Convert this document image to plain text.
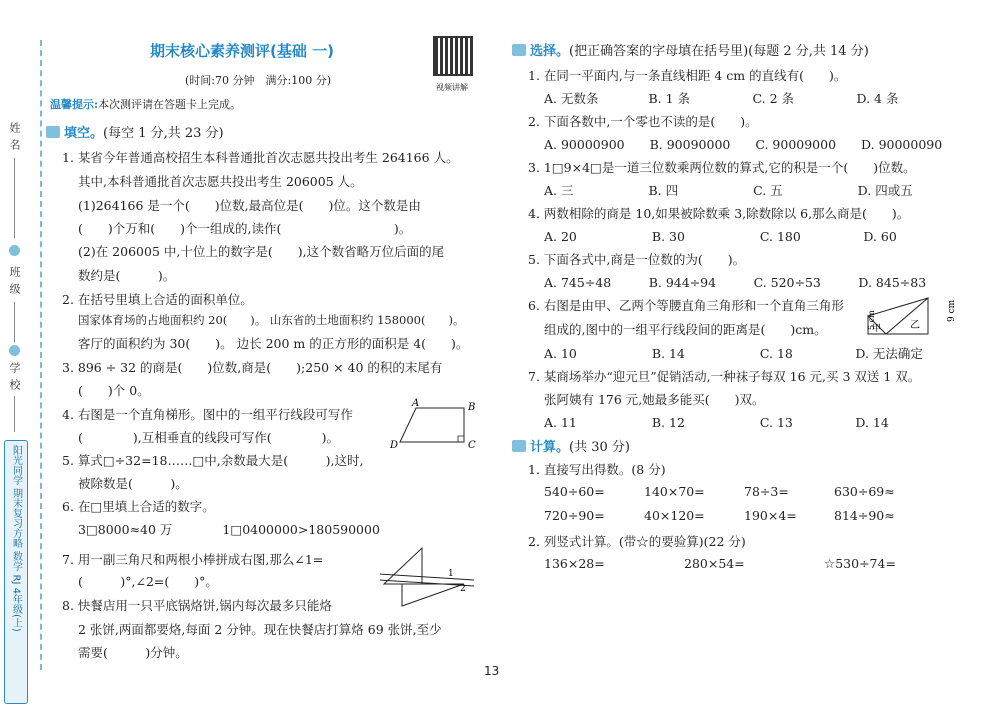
姓名
班级
学校
阳光同学 期末复习方略 数学 RJ 4年级(上)
期末核心素养测评(基础 一)
(时间:70 分钟　满分:100 分)
视频讲解
温馨提示:本次测评请在答题卡上完成。
填空。(每空 1 分,共 23 分)
1. 某省今年普通高校招生本科普通批首次志愿共投出考生 264166 人。
其中,本科普通批首次志愿共投出考生 206005 人。
(1)264166 是一个(　　)位数,最高位是(　　)位。这个数是由
(　　)个万和(　　)个一组成的,读作(　　　　　　　　　)。
(2)在 206005 中,十位上的数字是(　　),这个数省略万位后面的尾
数约是(　　　)。
2. 在括号里填上合适的面积单位。
国家体育场的占地面积约 20(　　)。 山东省的土地面积约 158000(　　)。
客厅的面积约为 30(　　)。 边长 200 m 的正方形的面积是 4(　　)。
3. 896 ÷ 32 的商是(　　)位数,商是(　　);250 × 40 的积的末尾有
(　　)个 0。
4. 右图是一个直角梯形。图中的一组平行线段可写作
(　　　　),互相垂直的线段可写作(　　　　)。
5. 算式□÷32=18……□中,余数最大是(　　　),这时,
被除数是(　　　)。
6. 在□里填上合适的数字。
3□8000≈40 万　　　　1□0400000>180590000
7. 用一副三角尺和两根小棒拼成右图,那么∠1=
(　　　)°,∠2=(　　)°。
8. 快餐店用一只平底锅烙饼,锅内每次最多只能烙
2 张饼,两面都要烙,每面 2 分钟。现在快餐店打算烙 69 张饼,至少
需要(　　　)分钟。
A	B
C
D
1
2
选择。(把正确答案的字母填在括号里)(每题 2 分,共 14 分)
1. 在同一平面内,与一条直线相距 4 cm 的直线有(　　)。
A. 无数条　　　　B. 1 条　　　　　C. 2 条　　　　　D. 4 条
2. 下面各数中,一个零也不读的是(　　)。
A. 90000900　　B. 90090000　　C. 90009000　　D. 90000090
3. 1□9×4□是一道三位数乘两位数的算式,它的积是一个(　　)位数。
A. 三　　　　　　B. 四　　　　　　C. 五　　　　　　D. 四或五
4. 两数相除的商是 10,如果被除数乘 3,除数除以 6,那么商是(　　)。
A. 20　　　　　　B. 30　　　　　　C. 180　　　　　D. 60
5. 下面各式中,商是一位数的为(　　)。
A. 745÷48　　　B. 944÷94　　　C. 520÷53　　　D. 845÷83
6. 右图是由甲、乙两个等腰直角三角形和一个直角三角形
组成的,图中的一组平行线段间的距离是(　　)cm。
A. 10　　　　　　B. 14　　　　　　C. 18　　　　　D. 无法确定
7. 某商场举办“迎元旦”促销活动,一种袜子每双 16 元,买 3 双送 1 双。
张阿姨有 176 元,她最多能买(　　)双。
A. 11　　　　　　B. 12　　　　　　C. 13　　　　　D. 14
5 cm
甲	乙
9 cm
计算。(共 30 分)
1. 直接写出得数。(8 分)
540÷60=	140×70=	78÷3=	630÷69≈
720÷90=	40×120=	190×4=	814÷90≈
2. 列竖式计算。(带☆的要验算)(22 分)
136×28=	280×54=	☆530÷74=
13
